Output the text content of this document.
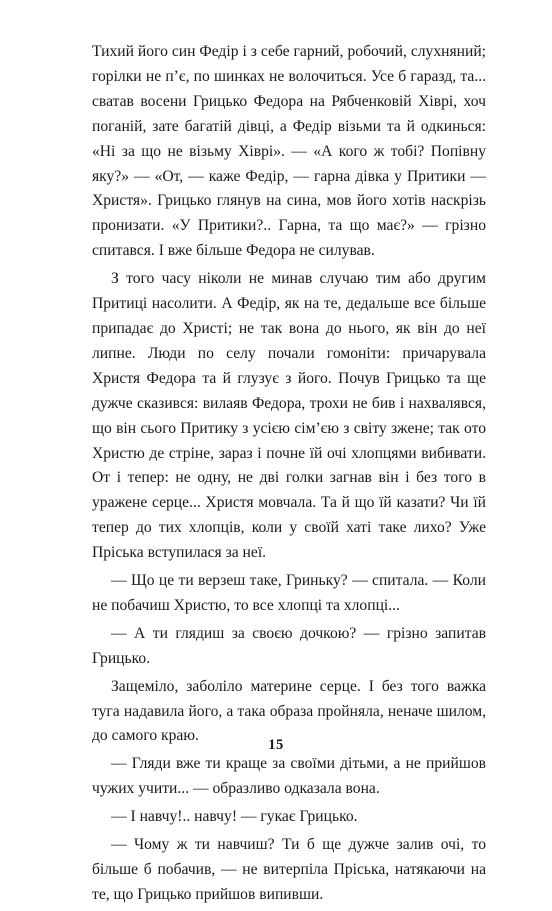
Тихий його син Федір і з себе гарний, робочий, слухняний; горілки не п’є, по шинках не волочиться. Усе б гаразд, та... сватав восени Грицько Федора на Рябченковій Хіврі, хоч поганій, зате багатій дівці, а Федір візьми та й одкинься: «Ні за що не візьму Хіврі». — «А кого ж тобі? Попівну яку?» — «От, — каже Федір, — гарна дівка у Притики — Христя». Грицько глянув на сина, мов його хотів наскрізь пронизати. «У Притики?.. Гарна, та що має?» — грізно спитався. І вже більше Федора не силував.

З того часу ніколи не минав случаю тим або другим Притиці насолити. А Федір, як на те, дедальше все більше припадає до Христі; не так вона до нього, як він до неї липне. Люди по селу почали гомоніти: причарувала Христя Федора та й глузує з його. Почув Грицько та ще дужче сказився: вилаяв Федора, трохи не бив і нахвалявся, що він сього Притику з усією сім’єю з світу зжене; так ото Христю де стріне, зараз і почне їй очі хлопцями вибивати. От і тепер: не одну, не дві голки загнав він і без того в уражене серце... Христя мовчала. Та й що їй казати? Чи їй тепер до тих хлопців, коли у своїй хаті таке лихо? Уже Пріська вступилася за неї.

— Що це ти верзеш таке, Гриньку? — спитала. — Коли не побачиш Христю, то все хлопці та хлопці...

— А ти глядиш за своєю дочкою? — грізно запитав Грицько.

Защеміло, заболіло материне серце. І без того важка туга надавила його, а така образа пройняла, неначе шилом, до самого краю.

— Гляди вже ти краще за своїми дітьми, а не прийшов чужих учити... — образливо одказала вона.

— І навчу!.. навчу! — гукає Грицько.

— Чому ж ти навчиш? Ти б ще дужче залив очі, то більше б побачив, — не витерпіла Пріська, натякаючи на те, що Грицько прийшов випивши.

15
